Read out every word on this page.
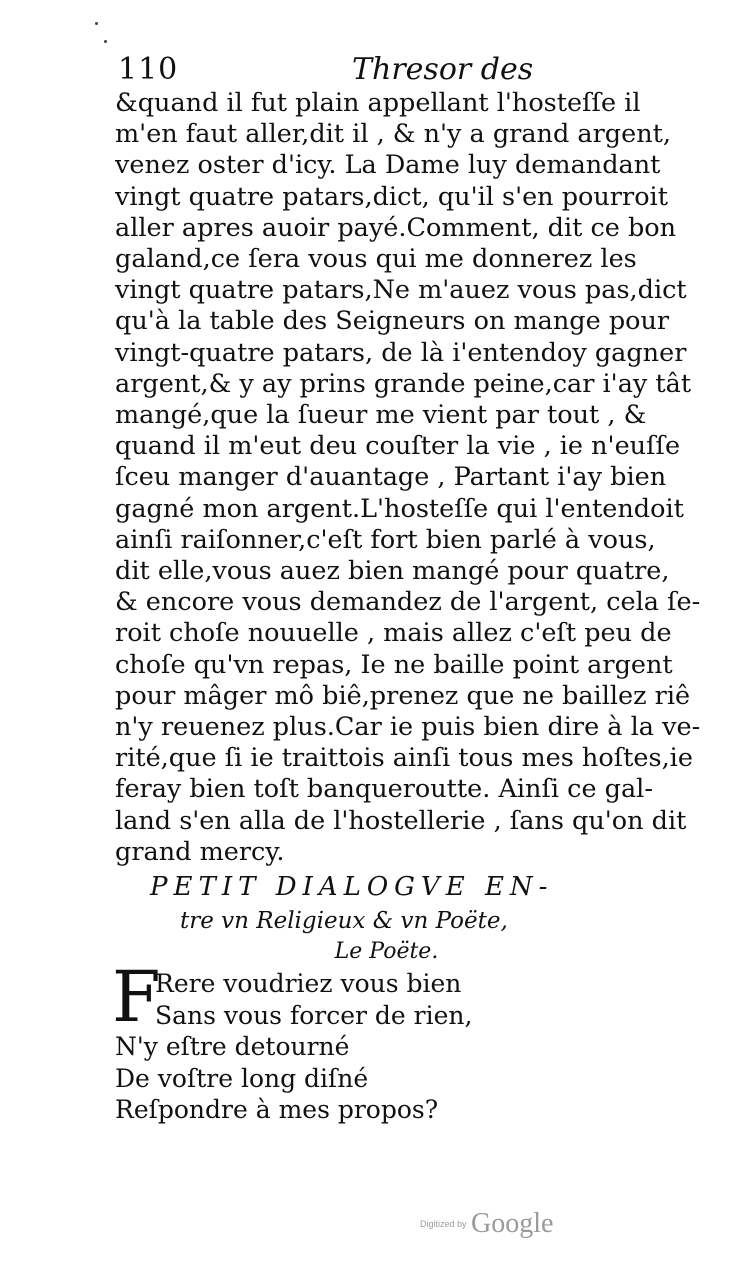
110	Thresor des
&quand il fut plain appellant l'hosteſſe il
m'en faut aller,dit il , & n'y a grand argent,
venez oster d'icy. La Dame luy demandant
vingt quatre patars,dict, qu'il s'en pourroit
aller apres auoir payé.Comment, dit ce bon
galand,ce ſera vous qui me donnerez les
vingt quatre patars,Ne m'auez vous pas,dict
qu'à la table des Seigneurs on mange pour
vingt-quatre patars, de là i'entendoy gagner
argent,& y ay prins grande peine,car i'ay tât
mangé,que la ſueur me vient par tout , &
quand il m'eut deu couſter la vie , ie n'euſſe
ſceu manger d'auantage , Partant i'ay bien
gagné mon argent.L'hosteſſe qui l'entendoit
ainſi raiſonner,c'eſt fort bien parlé à vous,
dit elle,vous auez bien mangé pour quatre,
& encore vous demandez de l'argent, cela ſe-
roit choſe nouuelle , mais allez c'eſt peu de
choſe qu'vn repas, Ie ne baille point argent
pour mâger mô biê,prenez que ne baillez riê
n'y reuenez plus.Car ie puis bien dire à la ve-
rité,que ſi ie traittois ainſi tous mes hoſtes,ie
feray bien toſt banqueroutte. Ainſi ce gal-
land s'en alla de l'hostellerie , ſans qu'on dit
grand mercy.
PETIT DIALOGVE EN-
tre vn Religieux & vn Poëte,
Le Poëte.
F
Rere voudriez vous bien
Sans vous forcer de rien,
N'y eſtre detourné
De voſtre long diſné
Reſpondre à mes propos?
Digitized by Google
